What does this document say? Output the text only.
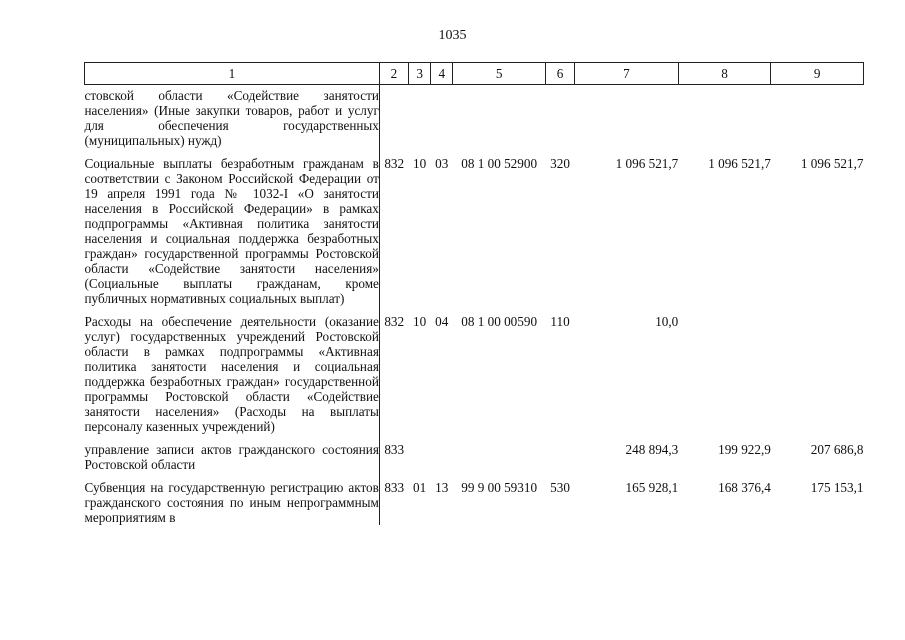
1035
1	2	3	4	5	6	7	8	9
стовской области «Содействие занятости населения» (Иные закупки товаров, работ и услуг для обеспечения государственных (муниципальных) нужд)								
Социальные выплаты безработным гражданам в соответствии с Законом Российской Федерации от 19 апреля 1991 года № 1032-I «О занятости населения в Российской Федерации» в рамках подпрограммы «Активная политика занятости населения и социальная поддержка безработных граждан» государственной программы Ростовской области «Содействие занятости населения» (Социальные выплаты гражданам, кроме публичных нормативных социальных выплат)	832	10	03	08 1 00 52900	320	1 096 521,7	1 096 521,7	1 096 521,7
Расходы на обеспечение деятельности (оказание услуг) государственных учреждений Ростовской области в рамках подпрограммы «Активная политика занятости населения и социальная поддержка безработных граждан» государственной программы Ростовской области «Содействие занятости населения» (Расходы на выплаты персоналу казенных учреждений)	832	10	04	08 1 00 00590	110	10,0		
управление записи актов гражданского состояния Ростовской области	833					248 894,3	199 922,9	207 686,8
Субвенция на государственную регистрацию актов гражданского состояния по иным непрограммным мероприятиям в	833	01	13	99 9 00 59310	530	165 928,1	168 376,4	175 153,1
